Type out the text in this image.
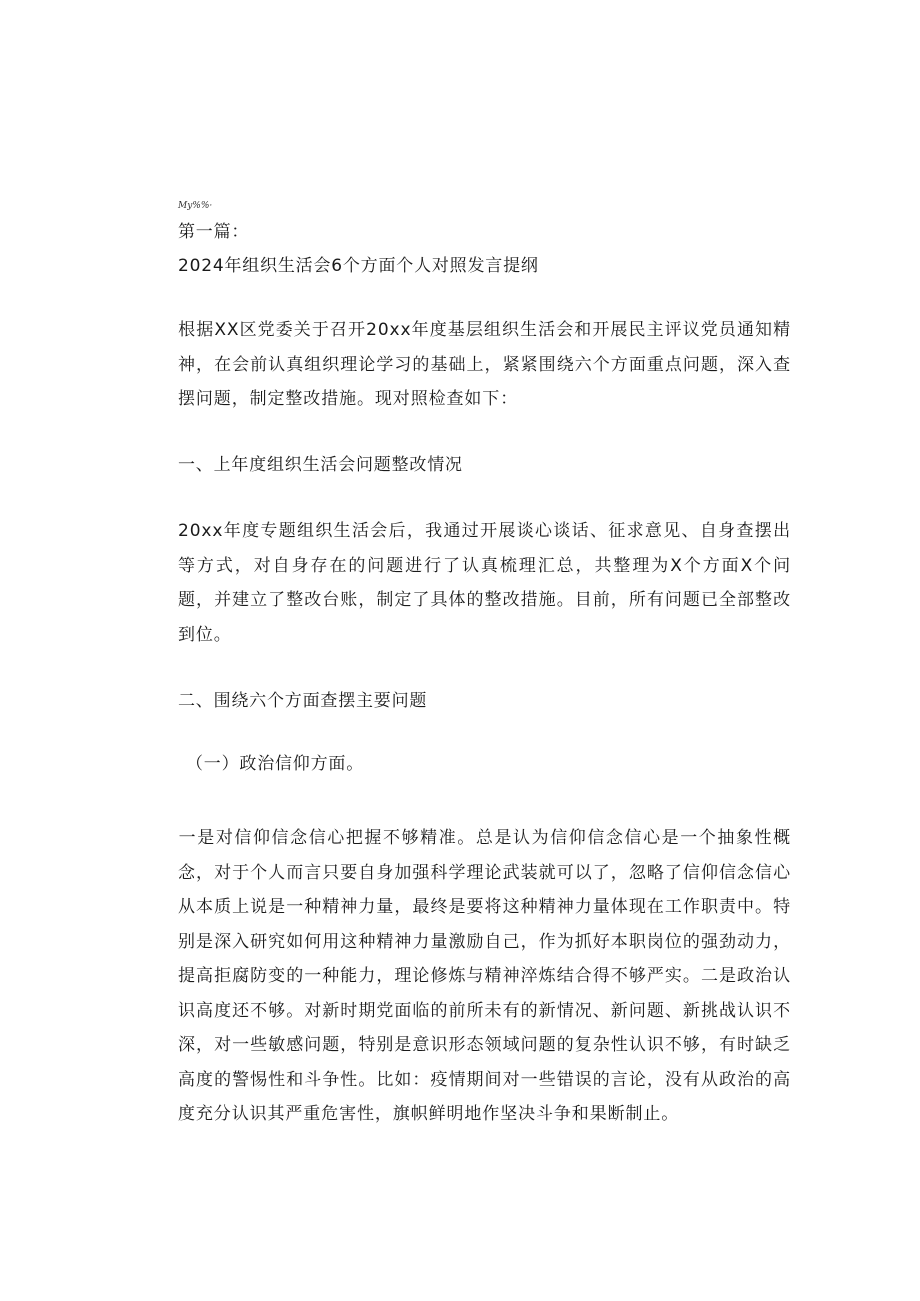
My%%·
第一篇：
2024年组织生活会6个方面个人对照发言提纲
根据XX区党委关于召开20xx年度基层组织生活会和开展民主评议党员通知精神，在会前认真组织理论学习的基础上，紧紧围绕六个方面重点问题，深入查摆问题，制定整改措施。现对照检查如下：
一、上年度组织生活会问题整改情况
20xx年度专题组织生活会后，我通过开展谈心谈话、征求意见、自身查摆出等方式，对自身存在的问题进行了认真梳理汇总，共整理为X个方面X个问题，并建立了整改台账，制定了具体的整改措施。目前，所有问题已全部整改到位。
二、围绕六个方面查摆主要问题
（一）政治信仰方面。
一是对信仰信念信心把握不够精准。总是认为信仰信念信心是一个抽象性概念，对于个人而言只要自身加强科学理论武装就可以了，忽略了信仰信念信心从本质上说是一种精神力量，最终是要将这种精神力量体现在工作职责中。特别是深入研究如何用这种精神力量激励自己，作为抓好本职岗位的强劲动力，提高拒腐防变的一种能力，理论修炼与精神淬炼结合得不够严实。二是政治认识高度还不够。对新时期党面临的前所未有的新情况、新问题、新挑战认识不深，对一些敏感问题，特别是意识形态领域问题的复杂性认识不够，有时缺乏高度的警惕性和斗争性。比如：疫情期间对一些错误的言论，没有从政治的高度充分认识其严重危害性，旗帜鲜明地作坚决斗争和果断制止。
